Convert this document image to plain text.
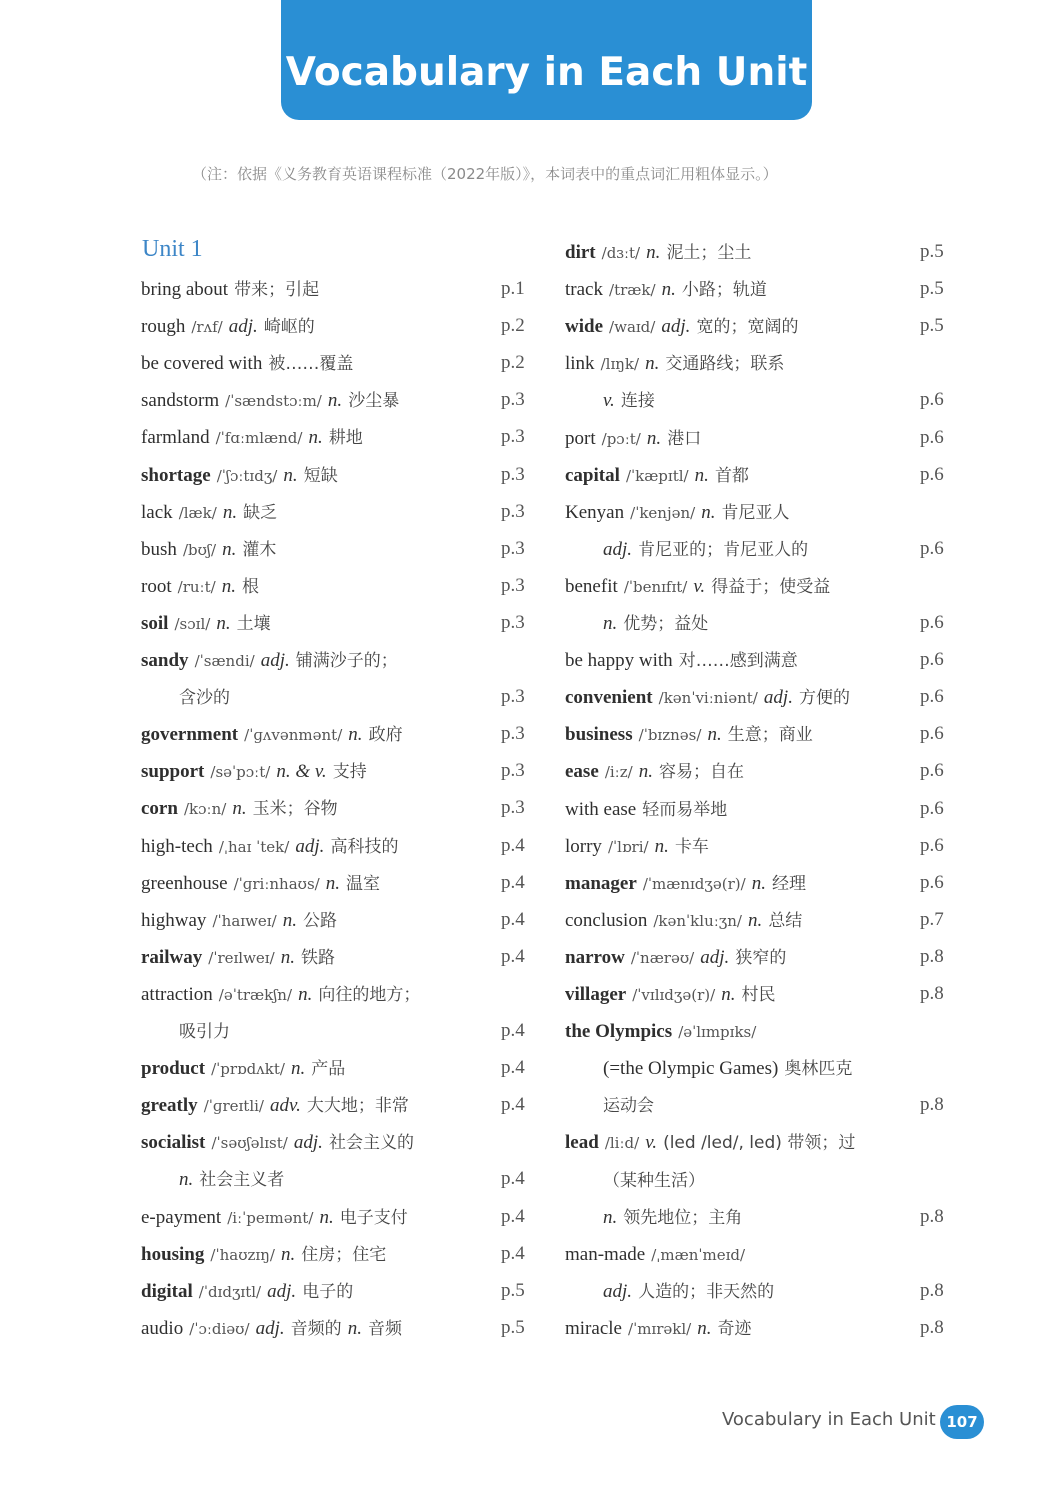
Vocabulary in Each Unit
（注：依据《义务教育英语课程标准（2022年版）》，本词表中的重点词汇用粗体显示。）
Unit 1
bring about 带来；引起	p.1
rough /rʌf/ adj. 崎岖的	p.2
be covered with 被……覆盖	p.2
sandstorm /ˈsændstɔːm/ n. 沙尘暴	p.3
farmland /ˈfɑːmlænd/ n. 耕地	p.3
shortage /ˈʃɔːtɪdʒ/ n. 短缺	p.3
lack /læk/ n. 缺乏	p.3
bush /bʊʃ/ n. 灌木	p.3
root /ruːt/ n. 根	p.3
soil /sɔɪl/ n. 土壤	p.3
sandy /ˈsændi/ adj. 铺满沙子的；
含沙的	p.3
government /ˈɡʌvənmənt/ n. 政府	p.3
support /səˈpɔːt/ n. & v. 支持	p.3
corn /kɔːn/ n. 玉米；谷物	p.3
high-tech /ˌhaɪ ˈtek/ adj. 高科技的	p.4
greenhouse /ˈɡriːnhaʊs/ n. 温室	p.4
highway /ˈhaɪweɪ/ n. 公路	p.4
railway /ˈreɪlweɪ/ n. 铁路	p.4
attraction /əˈtrækʃn/ n. 向往的地方；
吸引力	p.4
product /ˈprɒdʌkt/ n. 产品	p.4
greatly /ˈɡreɪtli/ adv. 大大地；非常	p.4
socialist /ˈsəʊʃəlɪst/ adj. 社会主义的
n. 社会主义者	p.4
e-payment /iːˈpeɪmənt/ n. 电子支付	p.4
housing /ˈhaʊzɪŋ/ n. 住房；住宅	p.4
digital /ˈdɪdʒɪtl/ adj. 电子的	p.5
audio /ˈɔːdiəʊ/ adj. 音频的 n. 音频	p.5
dirt /dɜːt/ n. 泥土；尘土	p.5
track /træk/ n. 小路；轨道	p.5
wide /waɪd/ adj. 宽的；宽阔的	p.5
link /lɪŋk/ n. 交通路线；联系
v. 连接	p.6
port /pɔːt/ n. 港口	p.6
capital /ˈkæpɪtl/ n. 首都	p.6
Kenyan /ˈkenjən/ n. 肯尼亚人
adj. 肯尼亚的；肯尼亚人的	p.6
benefit /ˈbenɪfɪt/ v. 得益于；使受益
n. 优势；益处	p.6
be happy with 对……感到满意	p.6
convenient /kənˈviːniənt/ adj. 方便的	p.6
business /ˈbɪznəs/ n. 生意；商业	p.6
ease /iːz/ n. 容易；自在	p.6
with ease 轻而易举地	p.6
lorry /ˈlɒri/ n. 卡车	p.6
manager /ˈmænɪdʒə(r)/ n. 经理	p.6
conclusion /kənˈkluːʒn/ n. 总结	p.7
narrow /ˈnærəʊ/ adj. 狭窄的	p.8
villager /ˈvɪlɪdʒə(r)/ n. 村民	p.8
the Olympics /əˈlɪmpɪks/
(=the Olympic Games) 奥林匹克
运动会	p.8
lead /liːd/ v. (led /led/, led) 带领；过
（某种生活）
n. 领先地位；主角	p.8
man-made /ˌmænˈmeɪd/
adj. 人造的；非天然的	p.8
miracle /ˈmɪrəkl/ n. 奇迹	p.8
Vocabulary in Each Unit 107
